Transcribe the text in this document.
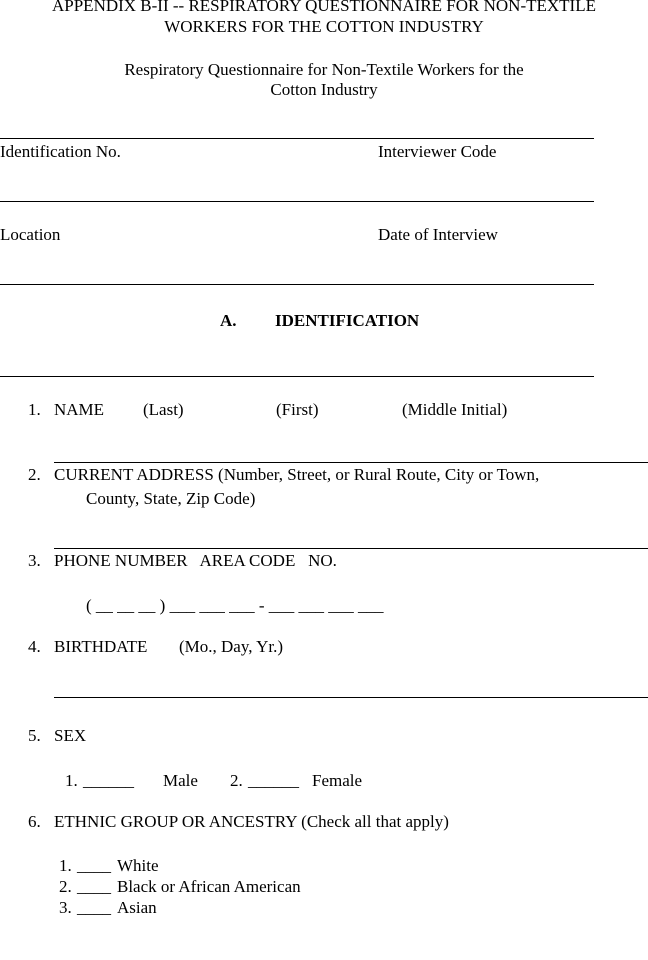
APPENDIX B-II -- RESPIRATORY QUESTIONNAIRE FOR NON-TEXTILE
WORKERS FOR THE COTTON INDUSTRY
Respiratory Questionnaire for Non-Textile Workers for the
Cotton Industry
Identification No.	Interviewer Code
Location	Date of Interview
A. IDENTIFICATION
1. NAME (Last)	(First)	(Middle Initial)
2. CURRENT ADDRESS (Number, Street, or Rural Route, City or Town,
County, State, Zip Code)
3. PHONE NUMBER   AREA CODE   NO.
( __ __ __ ) ___ ___ ___ - ___ ___ ___ ___
4. BIRTHDATE (Mo., Day, Yr.)
5. SEX
1. ______ Male 2. ______ Female
6. ETHNIC GROUP OR ANCESTRY (Check all that apply)
1. ____ White
2. ____ Black or African American
3. ____ Asian
